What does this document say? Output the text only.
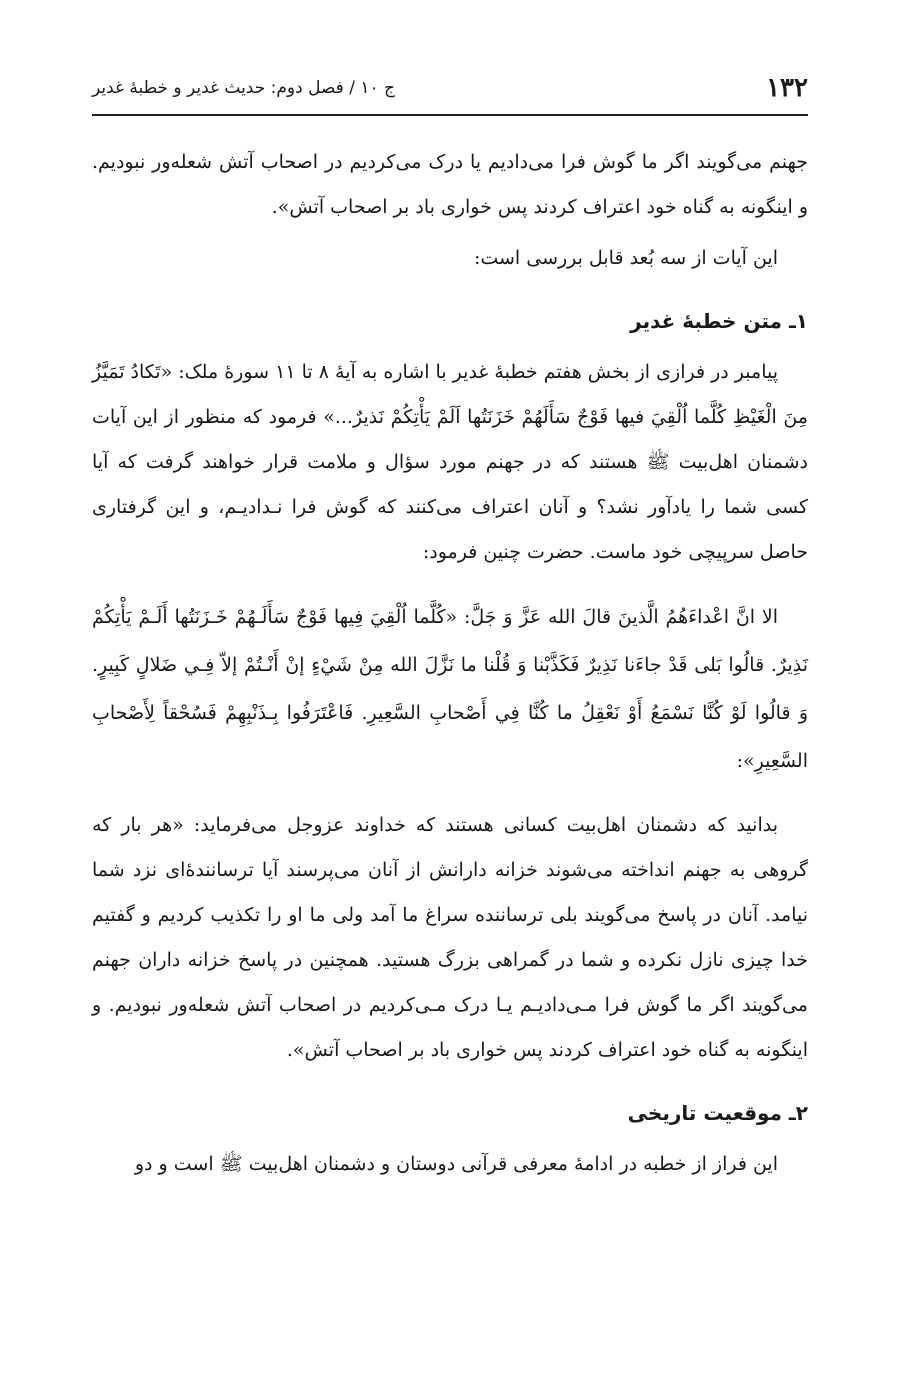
۱۳۲
ج ۱۰ / فصل دوم: حدیث غدیر و خطبهٔ غدیر

جهنم می‌گویند اگر ما گوش فرا می‌دادیم یا درک می‌کردیم در اصحاب آتش شعله‌ور نبودیم. و اینگونه به گناه خود اعتراف کردند پس خواری باد بر اصحاب آتش».

این آیات از سه بُعد قابل بررسی است:

۱ـ متن خطبهٔ غدیر

پیامبر در فرازی از بخش هفتم خطبهٔ غدیر با اشاره به آیهٔ ۸ تا ۱۱ سورهٔ ملک: «تَكادُ تَمَيَّزُ مِنَ الْغَيْظِ كُلَّما اُلْقِيَ فيها فَوْجٌ سَأَلَهُمْ خَزَنَتُها اَلَمْ يَأْتِكُمْ نَذيرٌ...» فرمود که منظور از این آیات دشمنان اهل‌بیت ﷺ هستند که در جهنم مورد سؤال و ملامت قرار خواهند گرفت که آیا کسی شما را یادآور نشد؟ و آنان اعتراف می‌کنند که گوش فرا نـدادیـم، و این گرفتاری حاصل سرپیچی خود ماست. حضرت چنین فرمود:

الا انَّ اعْداءَهُمُ الَّذينَ قالَ الله عَزَّ وَ جَلَّ: «كُلَّما اُلْقِيَ فِيها فَوْجٌ سَأَلَـهُمْ خَـزَنَتُها أَلَـمْ يَأْتِكُمْ نَذِيرٌ. قالُوا بَلى قَدْ جاءَنا نَذِيرٌ فَكَذَّبْنا وَ قُلْنا ما نَزَّلَ الله مِنْ شَيْءٍ إنْ أَنْـتُمْ إلاّ فِـي ضَلالٍ كَبِيرٍ. وَ قالُوا لَوْ كُنَّا نَسْمَعُ أَوْ نَعْقِلُ ما كُنَّا فِي أَصْحابِ السَّعِيرِ. فَاعْتَرَفُوا بِـذَنْبِهِمْ فَسُحْقاً لِأَصْحابِ السَّعِيرِ»:

بدانید که دشمنان اهل‌بیت کسانی هستند که خداوند عزوجل می‌فرماید: «هر بار که گروهی به جهنم انداخته می‌شوند خزانه دارانش از آنان می‌پرسند آیا ترسانندهٔ‌ای نزد شما نیامد. آنان در پاسخ می‌گویند بلی ترساننده سراغ ما آمد ولی ما او را تکذیب کردیم و گفتیم خدا چیزی نازل نکرده و شما در گمراهی بزرگ هستید. همچنین در پاسخ خزانه داران جهنم می‌گویند اگر ما گوش فرا مـی‌دادیـم یـا درک مـی‌کردیم در اصحاب آتش شعله‌ور نبودیم. و اینگونه به گناه خود اعتراف کردند پس خواری باد بر اصحاب آتش».

۲ـ موقعیت تاریخی

این فراز از خطبه در ادامهٔ معرفی قرآنی دوستان و دشمنان اهل‌بیت ﷺ است و دو
